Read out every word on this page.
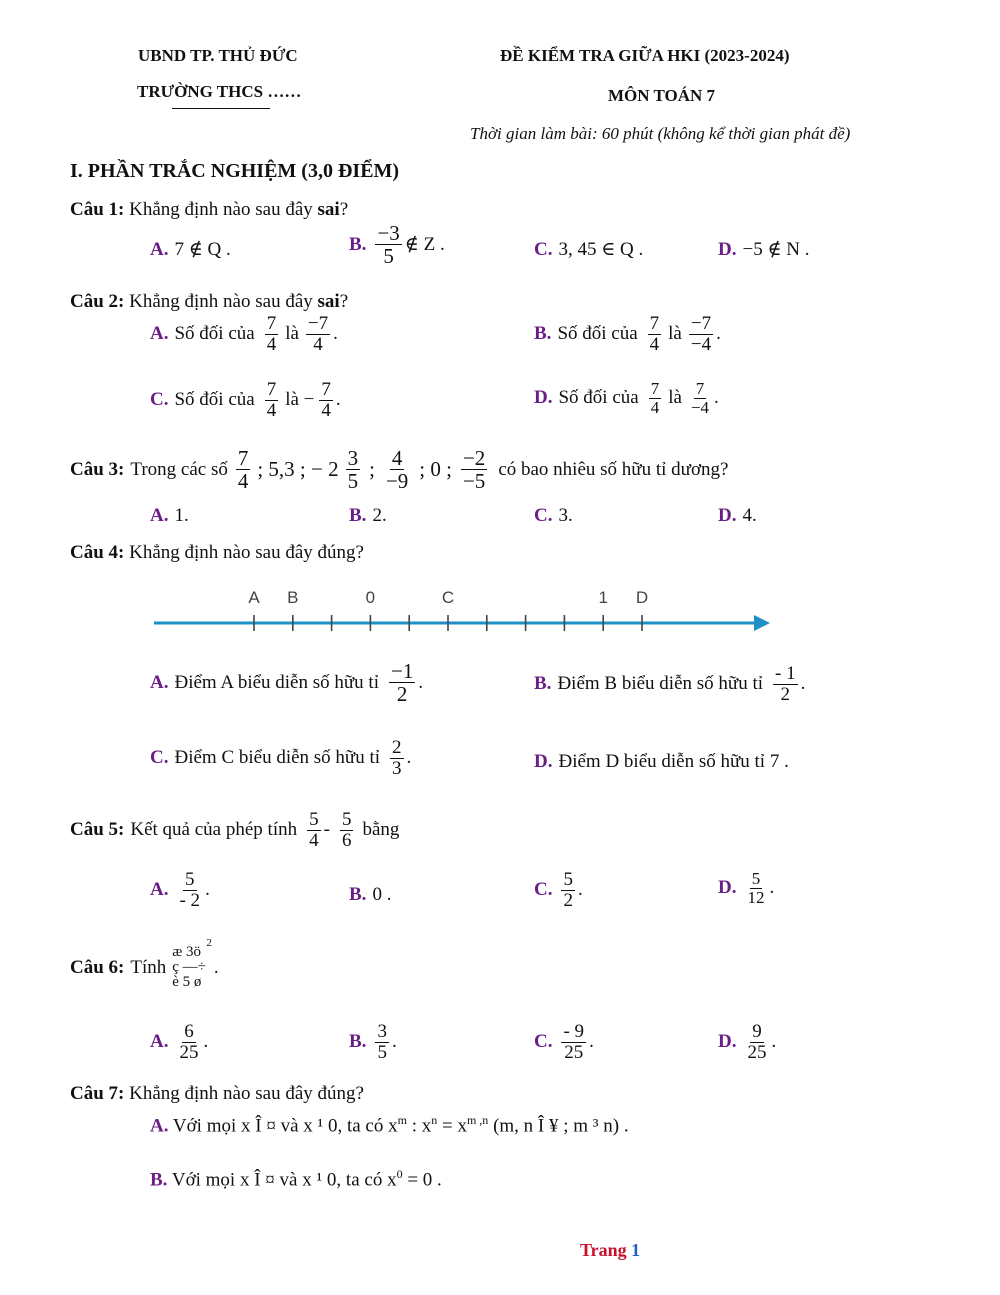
UBND TP. THỦ ĐỨC
TRƯỜNG THCS ……
ĐỀ KIỂM TRA GIỮA HKI (2023-2024)
MÔN TOÁN 7
Thời gian làm bài: 60 phút (không kể thời gian phát đề)
I. PHẦN TRẮC NGHIỆM (3,0 ĐIỂM)
Câu 1: Khẳng định nào sau đây sai?
A. 7 ∉ Q .	B. $\frac{-3}{5}$ ∉ Z .	C. 3, 45 ∈ Q .	D. −5 ∉ N .
Câu 2: Khẳng định nào sau đây sai?
A. Số đối của $\frac{7}{4}$ là $\frac{-7}{4}$ .	B. Số đối của $\frac{7}{4}$ là $\frac{-7}{-4}$ .
C. Số đối của $\frac{7}{4}$ là − $\frac{7}{4}$ .	D. Số đối của $\frac{7}{4}$ là $\frac{7}{-4}$ .
Câu 3: Trong các số $\frac{7}{4}$ ; 5,3 ; − $2 \frac{3}{5}$ ; $\frac{4}{-9}$ ; 0 ; $\frac{-2}{-5}$ có bao nhiêu số hữu tỉ dương?
A. 1.	B. 2.	C. 3.	D. 4.
Câu 4: Khẳng định nào sau đây đúng?
A B	0	C	1 D
A. Điểm A biểu diễn số hữu tỉ $\frac{-1}{2}$ .	B. Điểm B biểu diễn số hữu tỉ $\frac{- 1}{2}$ .
C. Điểm C biểu diễn số hữu tỉ $\frac{2}{3}$ .	D. Điểm D biểu diễn số hữu tỉ 7 .
Câu 5: Kết quả của phép tính $\frac{5}{4} - \frac{5}{6}$ bằng
A. $\frac{5}{- 2}$ .	B. 0 .	C. $\frac{5}{2}$ .	D. $\frac{5}{12}$ .
Câu 6: Tính
æ 3ö
ç —÷
è 5 ø
2
.
A. $\frac{6}{25}$ .	B. $\frac{3}{5}$ .	C. $\frac{- 9}{25}$ .	D. $\frac{9}{25}$ .
Câu 7: Khẳng định nào sau đây đúng?
A. Với mọi x Î ¤ và x ¹ 0, ta có $x^m$ : $x^n = x^{m ,n}$ (m, n Î ¥ ; m ³ n) .
B. Với mọi x Î ¤ và x ¹ 0, ta có $x^0 = 0$ .
Trang 1
